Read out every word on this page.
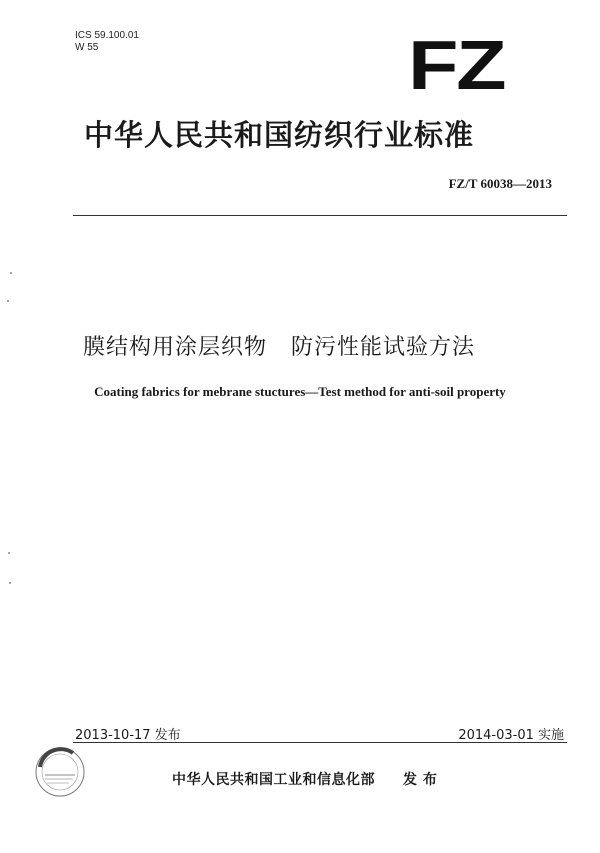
ICS 59.100.01
W 55	FZ
中华人民共和国纺织行业标准
FZ/T 60038—2013
膜结构用涂层织物 防污性能试验方法
Coating fabrics for mebrane stuctures—Test method for anti-soil property
2013-10-17 发布	2014-03-01 实施
中华人民共和国工业和信息化部 发 布
